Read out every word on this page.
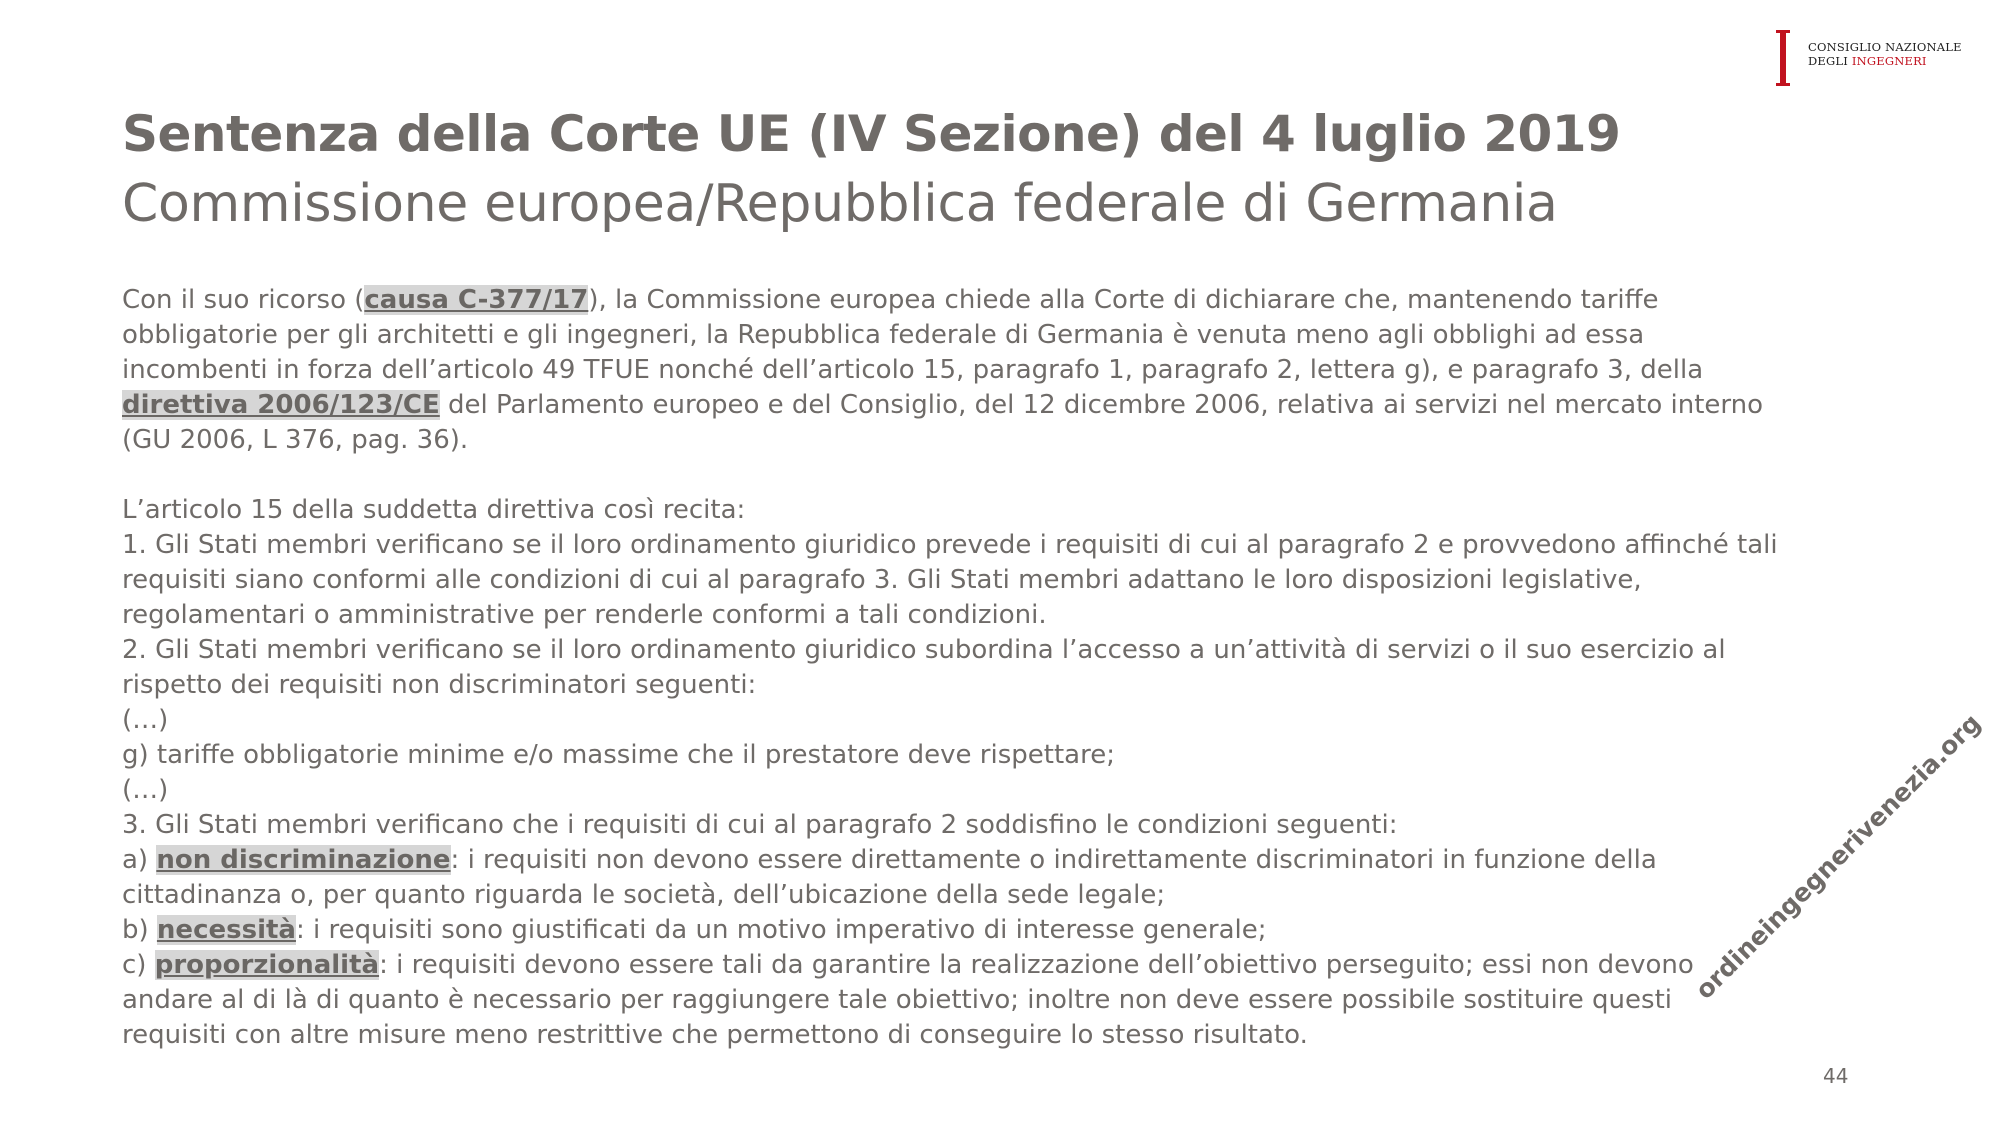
CONSIGLIO NAZIONALE
DEGLI INGEGNERI
Sentenza della Corte UE (IV Sezione) del 4 luglio 2019
Commissione europea/Repubblica federale di Germania

Con il suo ricorso (causa C-377/17), la Commissione europea chiede alla Corte di dichiarare che, mantenendo tariffe obbligatorie per gli architetti e gli ingegneri, la Repubblica federale di Germania è venuta meno agli obblighi ad essa incombenti in forza dell’articolo 49 TFUE nonché dell’articolo 15, paragrafo 1, paragrafo 2, lettera g), e paragrafo 3, della direttiva 2006/123/CE del Parlamento europeo e del Consiglio, del 12 dicembre 2006, relativa ai servizi nel mercato interno (GU 2006, L 376, pag. 36).

L’articolo 15 della suddetta direttiva così recita:

1. Gli Stati membri verificano se il loro ordinamento giuridico prevede i requisiti di cui al paragrafo 2 e provvedono affinché tali requisiti siano conformi alle condizioni di cui al paragrafo 3. Gli Stati membri adattano le loro disposizioni legislative, regolamentari o amministrative per renderle conformi a tali condizioni.

2. Gli Stati membri verificano se il loro ordinamento giuridico subordina l’accesso a un’attività di servizi o il suo esercizio al rispetto dei requisiti non discriminatori seguenti:

(…)

g) tariffe obbligatorie minime e/o massime che il prestatore deve rispettare;

(…)

3. Gli Stati membri verificano che i requisiti di cui al paragrafo 2 soddisfino le condizioni seguenti:

a) non discriminazione: i requisiti non devono essere direttamente o indirettamente discriminatori in funzione della cittadinanza o, per quanto riguarda le società, dell’ubicazione della sede legale;

b) necessità: i requisiti sono giustificati da un motivo imperativo di interesse generale;

c) proporzionalità: i requisiti devono essere tali da garantire la realizzazione dell’obiettivo perseguito; essi non devono andare al di là di quanto è necessario per raggiungere tale obiettivo; inoltre non deve essere possibile sostituire questi requisiti con altre misure meno restrittive che permettono di conseguire lo stesso risultato.

ordineingegnerivenezia.org
44
